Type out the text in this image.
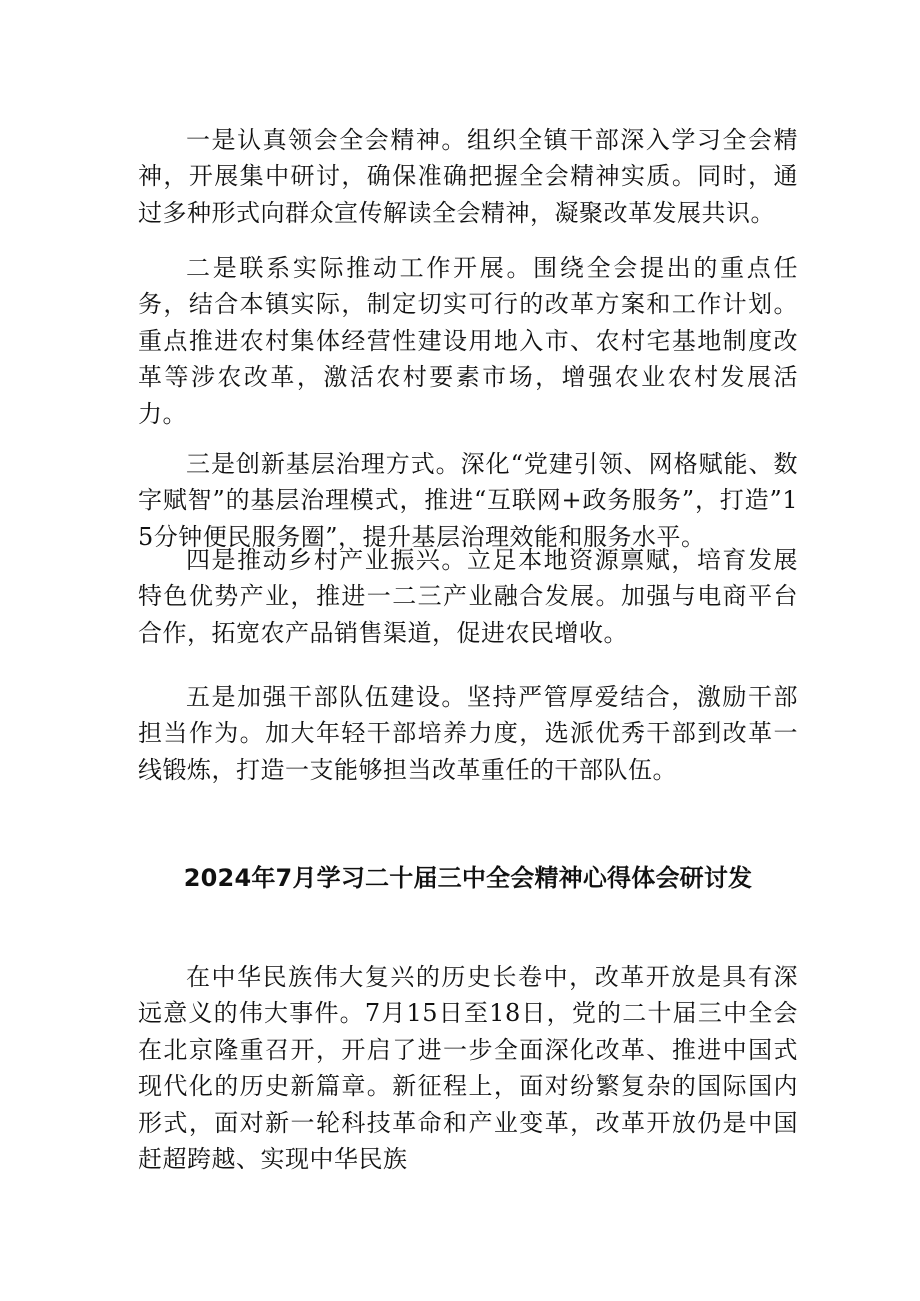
一是认真领会全会精神。组织全镇干部深入学习全会精神，开展集中研讨，确保准确把握全会精神实质。同时，通过多种形式向群众宣传解读全会精神，凝聚改革发展共识。

二是联系实际推动工作开展。围绕全会提出的重点任务，结合本镇实际，制定切实可行的改革方案和工作计划。重点推进农村集体经营性建设用地入市、农村宅基地制度改革等涉农改革，激活农村要素市场，增强农业农村发展活力。

三是创新基层治理方式。深化“党建引领、网格赋能、数字赋智”的基层治理模式，推进“互联网+政务服务”，打造”15分钟便民服务圈”，提升基层治理效能和服务水平。

四是推动乡村产业振兴。立足本地资源禀赋，培育发展特色优势产业，推进一二三产业融合发展。加强与电商平台合作，拓宽农产品销售渠道，促进农民增收。

五是加强干部队伍建设。坚持严管厚爱结合，激励干部担当作为。加大年轻干部培养力度，选派优秀干部到改革一线锻炼，打造一支能够担当改革重任的干部队伍。

2024年7月学习二十届三中全会精神心得体会研讨发

在中华民族伟大复兴的历史长卷中，改革开放是具有深远意义的伟大事件。7月15日至18日，党的二十届三中全会在北京隆重召开，开启了进一步全面深化改革、推进中国式现代化的历史新篇章。新征程上，面对纷繁复杂的国际国内形式，面对新一轮科技革命和产业变革，改革开放仍是中国赶超跨越、实现中华民族
